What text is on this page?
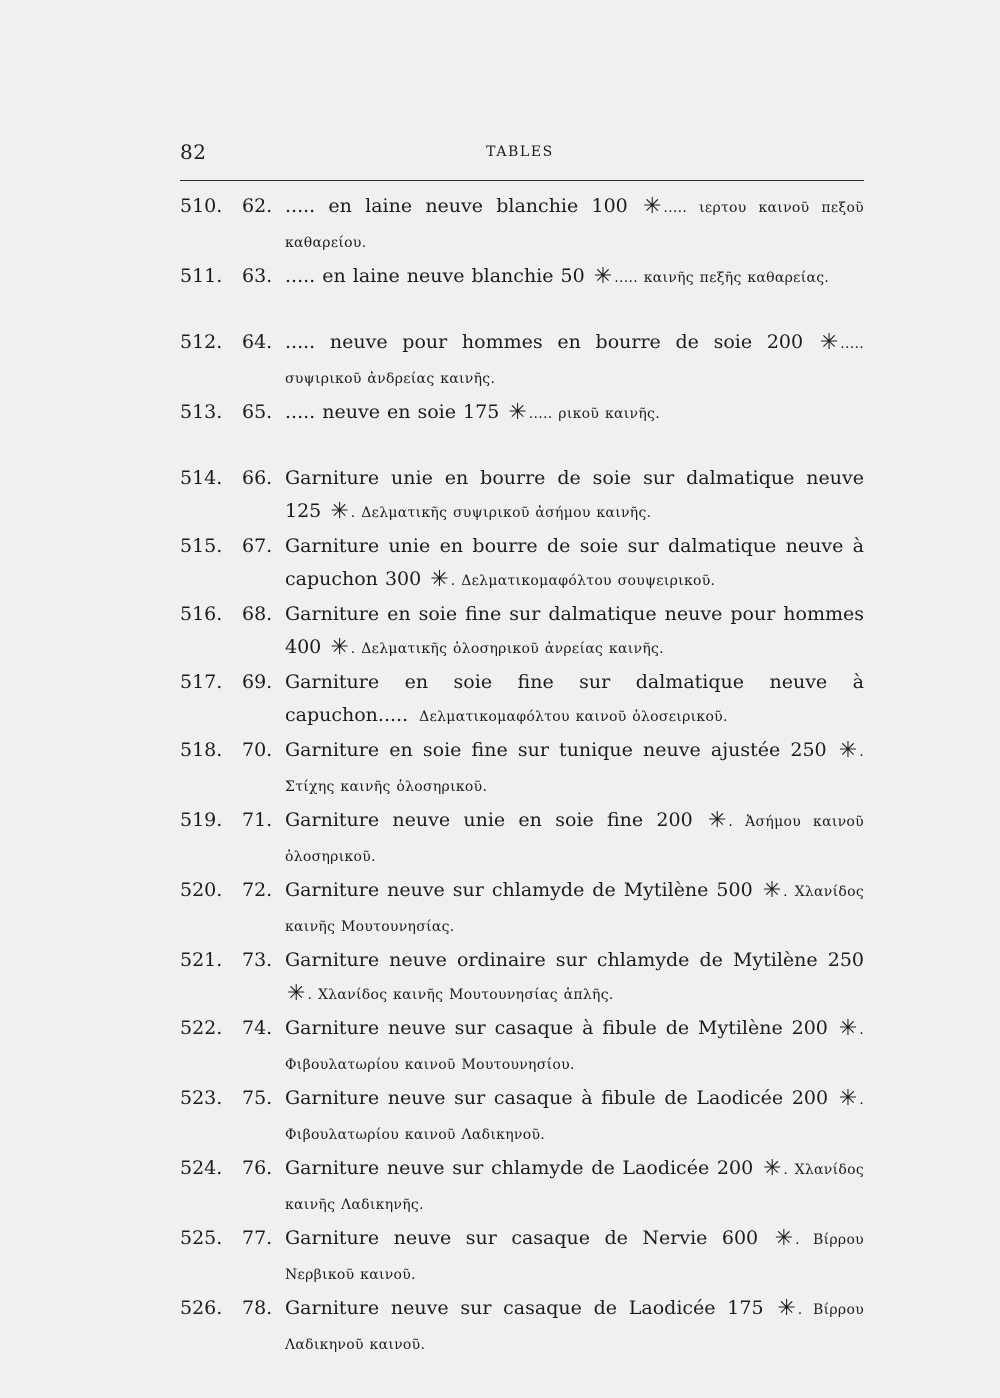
82	TABLES
510.	62. ..... en laine neuve blanchie 100 ✳ ..... ιερτου καινοῦ πεξοῦ καθαρείου.
511.	63. ..... en laine neuve blanchie 50 ✳ ..... καινῆς πεξῆς καθαρείας.
512.	64. ..... neuve pour hommes en bourre de soie 200 ✳ ..... συψιρικοῦ ἀνδρείας καινῆς.
513.	65. ..... neuve en soie 175 ✳ ..... ρικοῦ καινῆς.
514.	66. Garniture unie en bourre de soie sur dalmatique neuve 125 ✳ . Δελματικῆς συψιρικοῦ ἀσήμου καινῆς.
515.	67. Garniture unie en bourre de soie sur dalmatique neuve à capuchon 300 ✳ . Δελματικομαφόλτου σουψειρικοῦ.
516.	68. Garniture en soie fine sur dalmatique neuve pour hommes 400 ✳ . Δελματικῆς ὁλοσηρικοῦ ἀνρείας καινῆς.
517.	69. Garniture en soie fine sur dalmatique neuve à capuchon..... Δελματικομαφόλτου καινοῦ ὁλοσειρικοῦ.
518.	70. Garniture en soie fine sur tunique neuve ajustée 250 ✳ . Στίχης καινῆς ὁλοσηρικοῦ.
519.	71. Garniture neuve unie en soie fine 200 ✳ . Ἀσήμου καινοῦ ὁλοσηρικοῦ.
520.	72. Garniture neuve sur chlamyde de Mytilène 500 ✳ . Χλανίδος καινῆς Μουτουνησίας.
521.	73. Garniture neuve ordinaire sur chlamyde de Mytilène 250 ✳ . Χλανίδος καινῆς Μουτουνησίας ἁπλῆς.
522.	74. Garniture neuve sur casaque à fibule de Mytilène 200 ✳ . Φιβουλατωρίου καινοῦ Μουτουνησίου.
523.	75. Garniture neuve sur casaque à fibule de Laodicée 200 ✳ . Φιβουλατωρίου καινοῦ Λαδικηνοῦ.
524.	76. Garniture neuve sur chlamyde de Laodicée 200 ✳ . Χλανίδος καινῆς Λαδικηνῆς.
525.	77. Garniture neuve sur casaque de Nervie 600 ✳ . Βίρρου Νερβικοῦ καινοῦ.
526.	78. Garniture neuve sur casaque de Laodicée 175 ✳ . Βίρρου Λαδικηνοῦ καινοῦ.
